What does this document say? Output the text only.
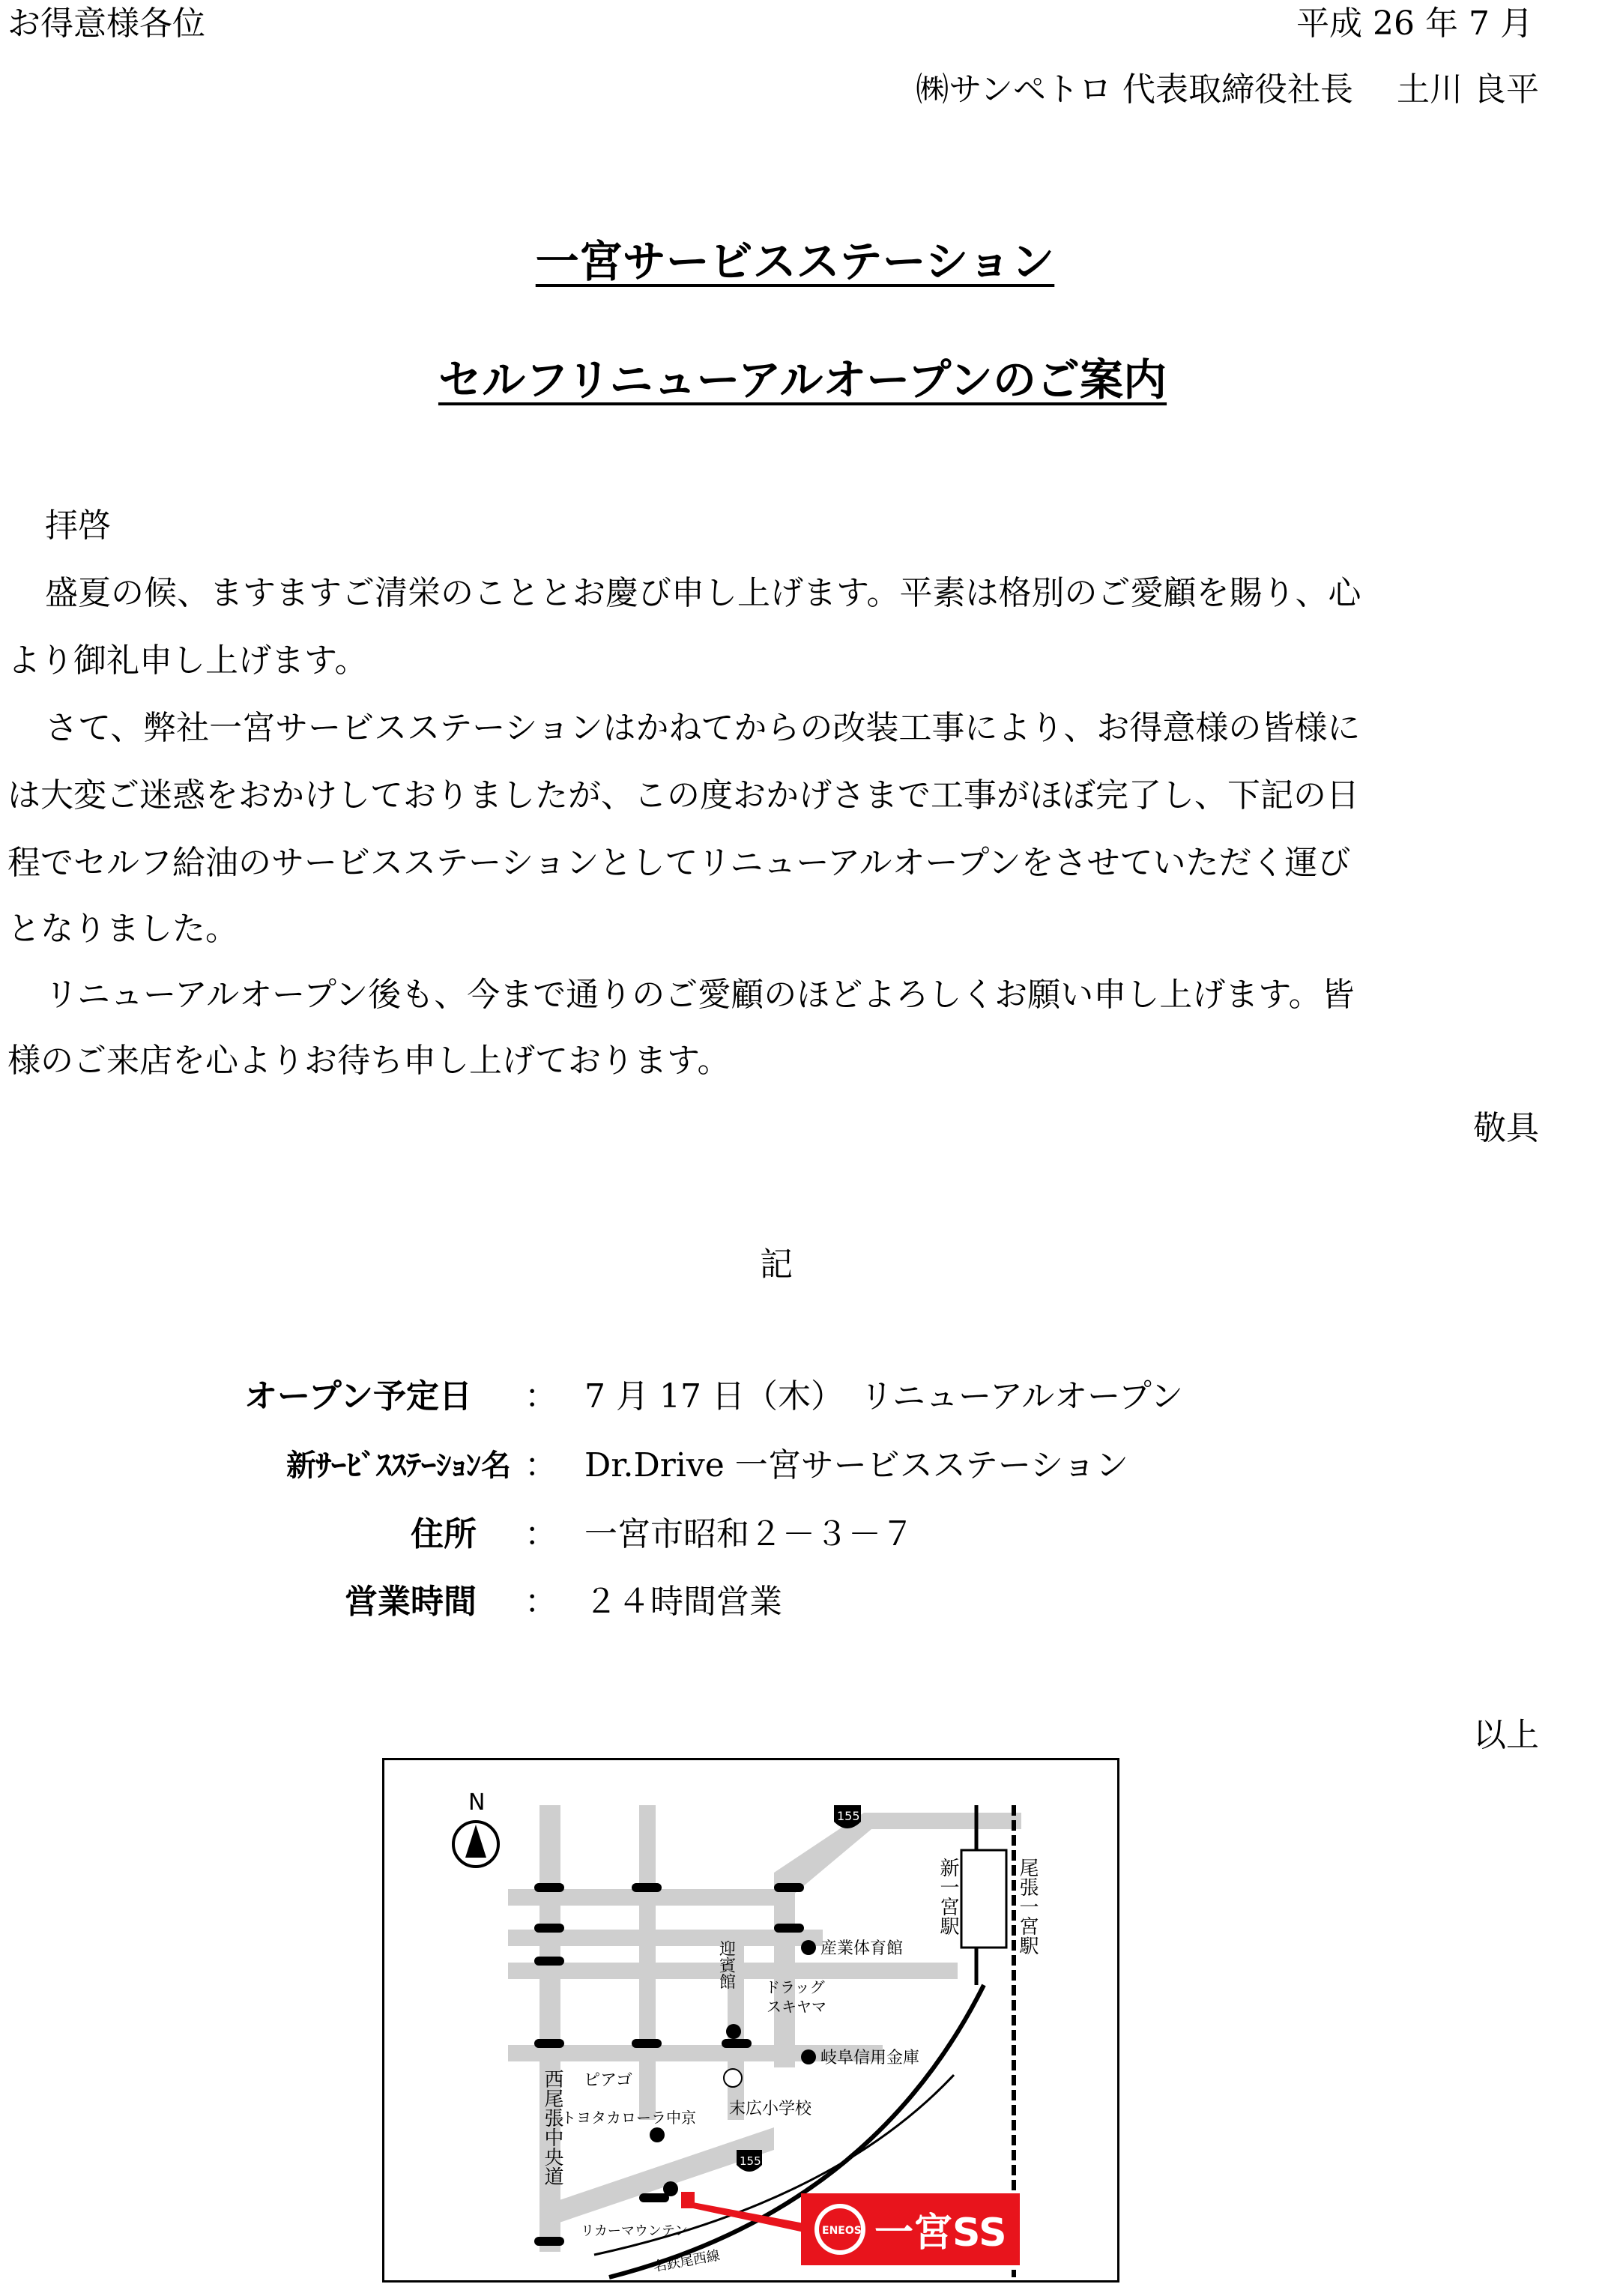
お得意様各位	平成 26 年 7 月
㈱サンペトロ 代表取締役社長　 土川 良平
一宮サービスステーション
セルフリニューアルオープンのご案内
拝啓
盛夏の候、ますますご清栄のこととお慶び申し上げます。平素は格別のご愛顧を賜り、心
より御礼申し上げます。
さて、弊社一宮サービスステーションはかねてからの改装工事により、お得意様の皆様に
は大変ご迷惑をおかけしておりましたが、この度おかげさまで工事がほぼ完了し、下記の日
程でセルフ給油のサービスステーションとしてリニューアルオープンをさせていただく運び
となりました。
リニューアルオープン後も、今まで通りのご愛顧のほどよろしくお願い申し上げます。皆
様のご来店を心よりお待ち申し上げております。
敬具
記
オープン予定日 ： 7 月 17 日（木）　リニューアルオープン
新ｻｰﾋﾞｽｽﾃｰｼｮﾝ名 ： Dr.Drive 一宮サービスステーション
住所 ： 一宮市昭和２－３－７
営業時間 ： ２４時間営業
以上
N
155
155
新一宮駅	尾張一宮駅
西尾張中央道
産業体育館
迎賓館 ドラッグ
スキヤマ
岐阜信用金庫
ピアゴ
トヨタカローラ中京 末広小学校
リカーマウンテン
名鉄尾西線
ENEOS 一宮SS
